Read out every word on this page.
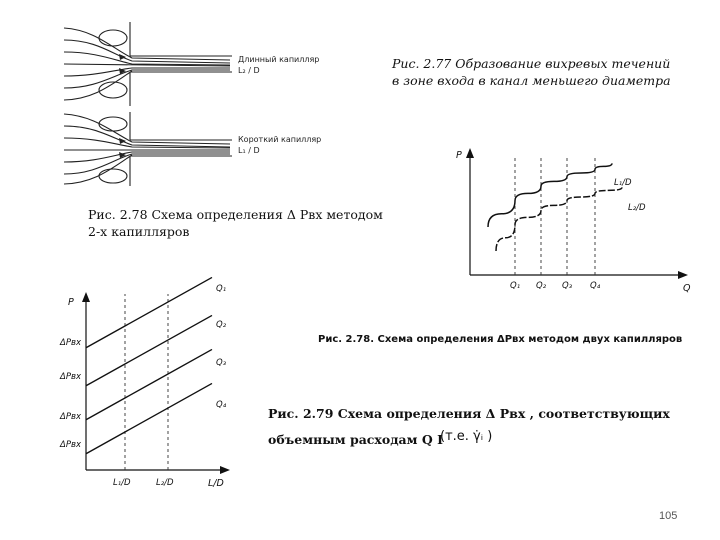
Длинный капилляр
L₂ / D
Короткий капилляр
L₁ / D
Рис. 2.77 Образование вихревых течений
в зоне входа в канал меньшего диаметра
Рис. 2.78 Схема определения Δ Pвх методом
2-х капилляров
P
Q
Q₁ Q₂ Q₃ Q₄
L₁/D
L₂/D
Рис. 2.78. Схема определения ΔPвх методом двух капилляров
P
L/D
L₁/D	L₂/D
ΔPвх
ΔPвх
ΔPвх
ΔPвх
Q₁
Q₂
Q₃
Q₄
Рис. 2.79 Схема определения Δ Pвх , соответствующих
объемным расходам Q I
(т.е. γ̇ᵢ )
105
